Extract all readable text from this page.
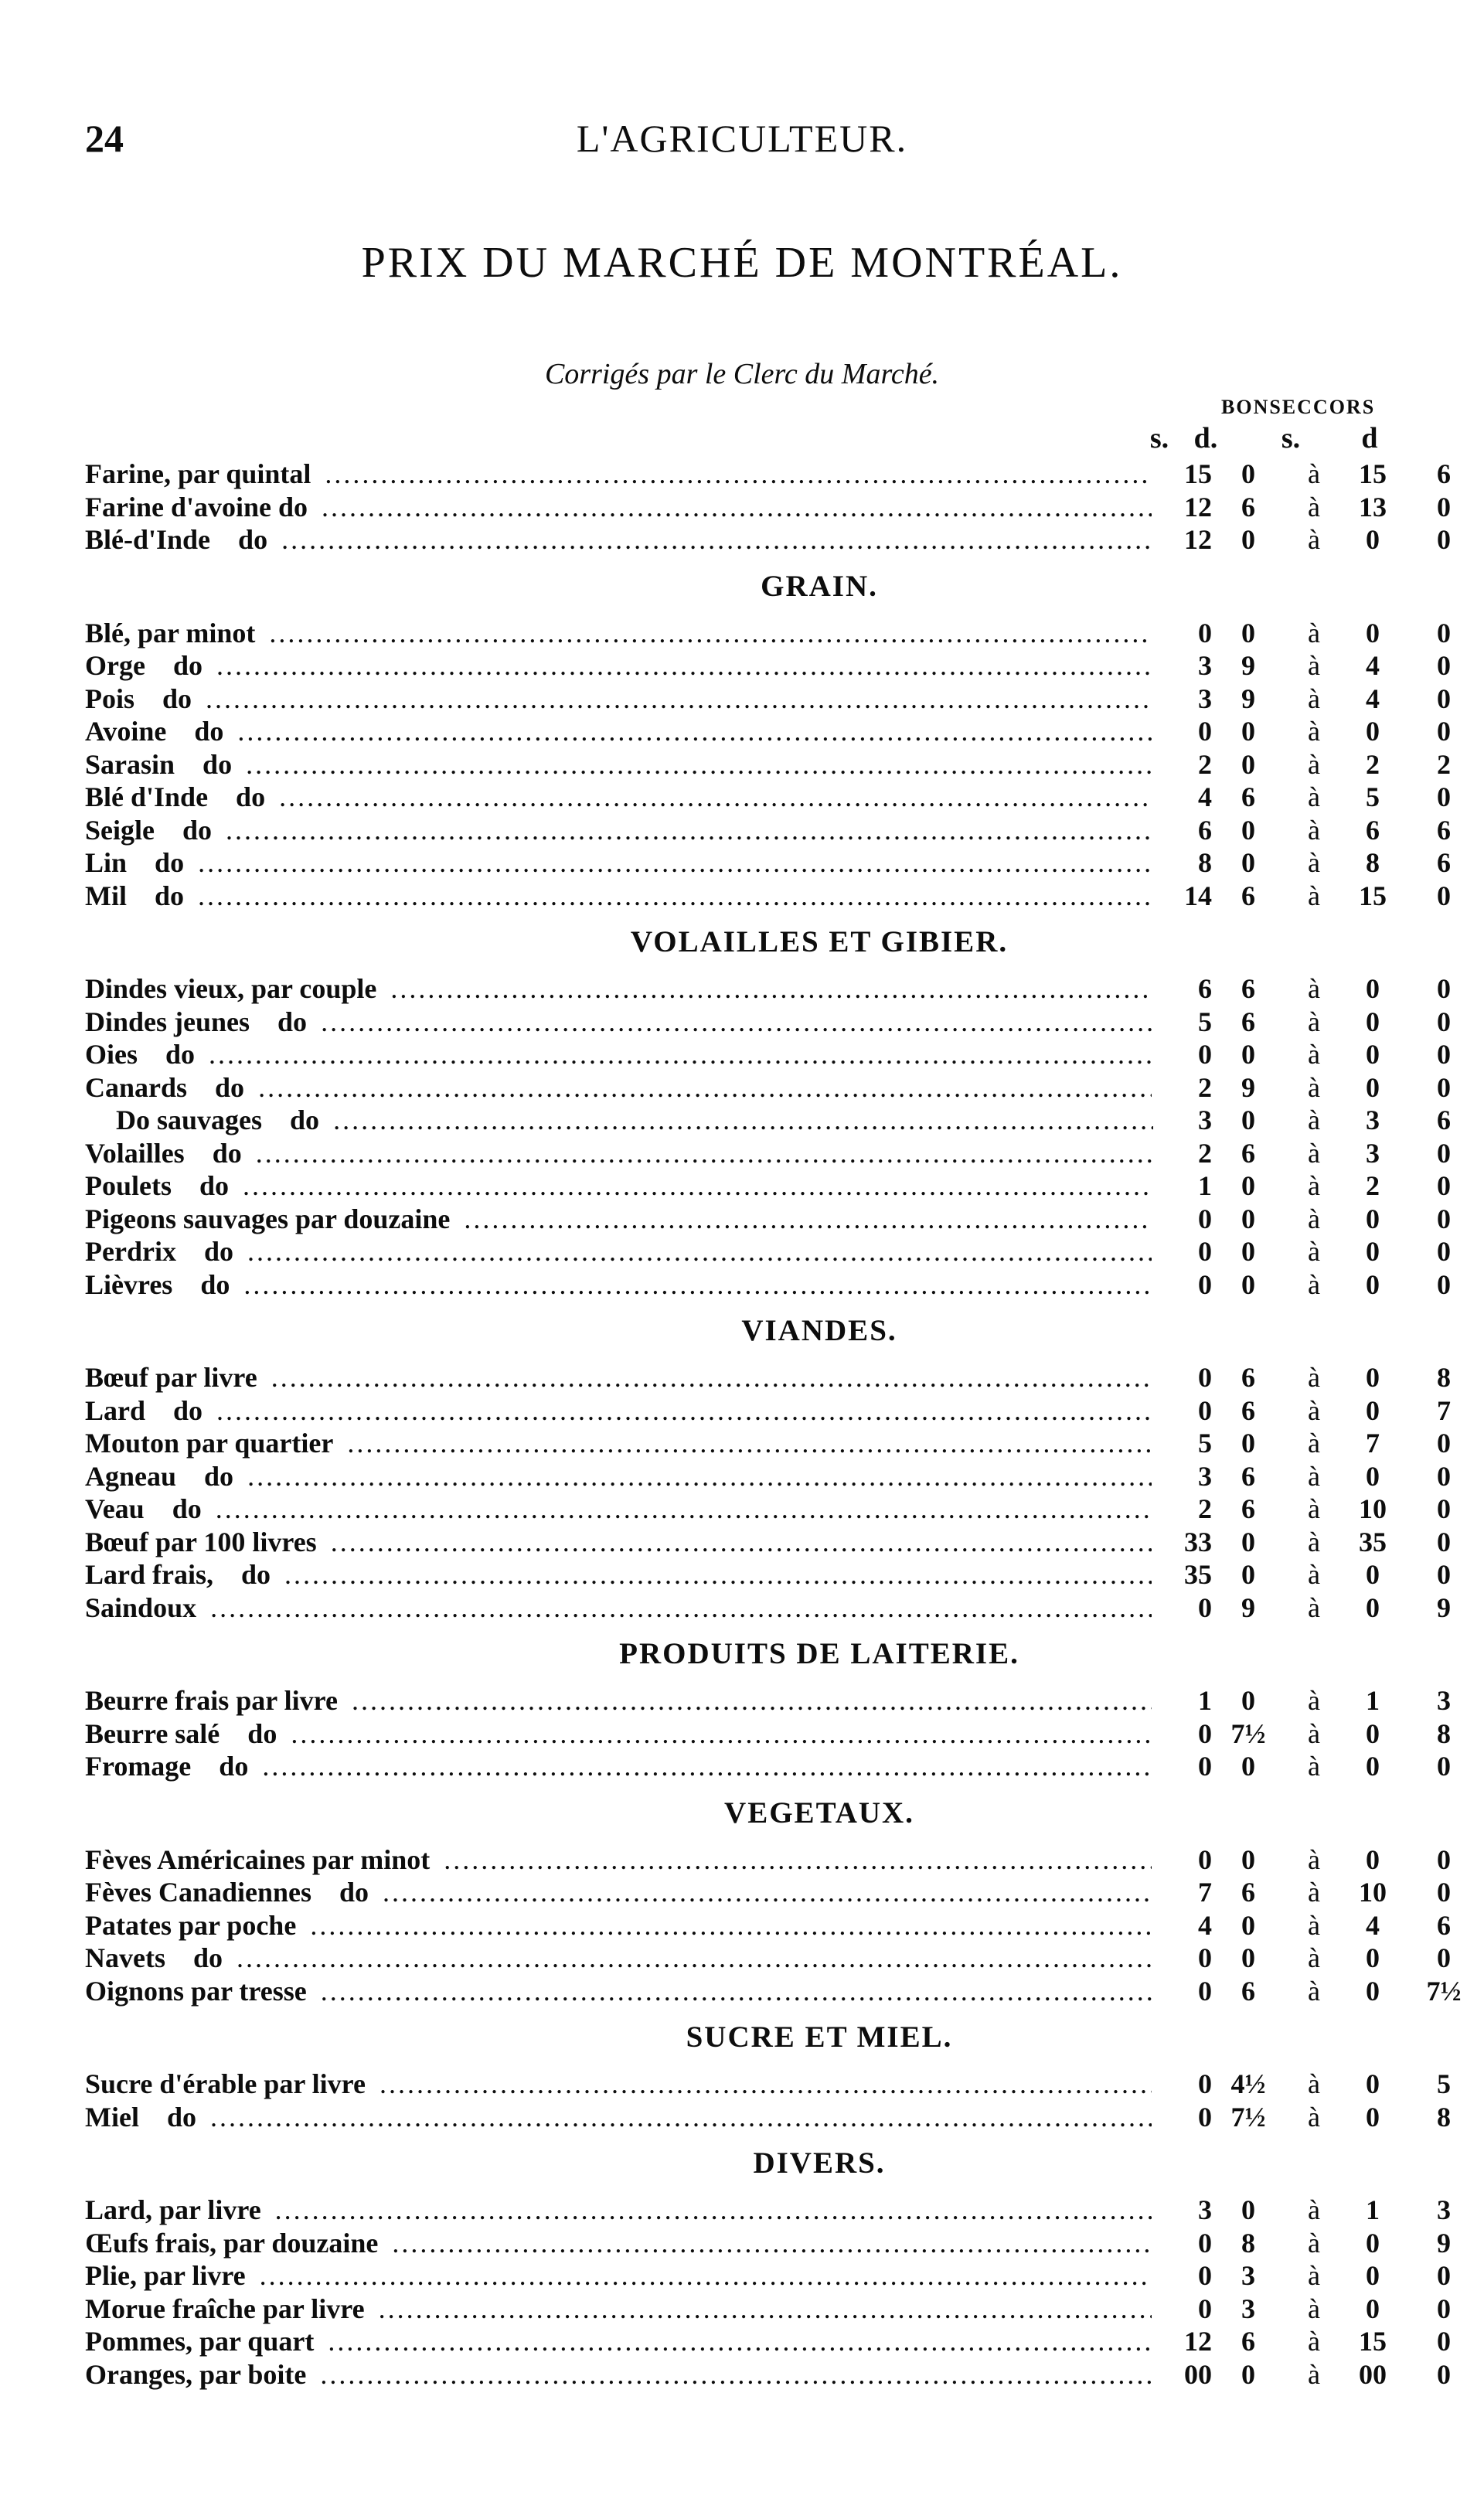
24	L'AGRICULTEUR.
PRIX DU MARCHÉ DE MONTRÉAL.
Corrigés par le Clerc du Marché.
BONSECCORS
s. d.	s.	d
Farine, par quintal .....	15	0	à	15	6
Farine d'avoine do .....	12	6	à	13	0
Blé-d'Inde do .....	12	0	à	0	0
GRAIN.
Blé, par minot .....	0	0	à	0	0
Orge do .....	3	9	à	4	0
Pois do .....	3	9	à	4	0
Avoine do .....	0	0	à	0	0
Sarasin do .....	2	0	à	2	2
Blé d'Inde do .....	4	6	à	5	0
Seigle do .....	6	0	à	6	6
Lin do .....	8	0	à	8	6
Mil do .....	14	6	à	15	0
VOLAILLES ET GIBIER.
Dindes vieux, par couple .....	6	6	à	0	0
Dindes jeunes do .....	5	6	à	0	0
Oies do .....	0	0	à	0	0
Canards do .....	2	9	à	0	0
Do sauvages do .....	3	0	à	3	6
Volailles do .....	2	6	à	3	0
Poulets do .....	1	0	à	2	0
Pigeons sauvages par douzaine .....	0	0	à	0	0
Perdrix do .....	0	0	à	0	0
Lièvres do .....	0	0	à	0	0
VIANDES.
Bœuf par livre .....	0	6	à	0	8
Lard do .....	0	6	à	0	7
Mouton par quartier .....	5	0	à	7	0
Agneau do .....	3	6	à	0	0
Veau do .....	2	6	à	10	0
Bœuf par 100 livres .....	33	0	à	35	0
Lard frais, do .....	35	0	à	0	0
Saindoux .....	0	9	à	0	9
PRODUITS DE LAITERIE.
Beurre frais par livre .....	1	0	à	1	3
Beurre salé do .....	0 7½	à	0	8
Fromage do .....	0	0	à	0	0
VEGETAUX.
Fèves Américaines par minot .....	0	0	à	0	0
Fèves Canadiennes do .....	7	6	à	10	0
Patates par poche .....	4	0	à	4	6
Navets do .....	0	0	à	0	0
Oignons par tresse .....	0	6	à	0	7½
SUCRE ET MIEL.
Sucre d'érable par livre .....	0 4½	à	0	5
Miel do .....	0 7½	à	0	8
DIVERS.
Lard, par livre .....	3	0	à	1	3
Œufs frais, par douzaine .....	0	8	à	0	9
Plie, par livre .....	0	3	à	0	0
Morue fraîche par livre .....	0	3	à	0	0
Pommes, par quart .....	12	6	à	15	0
Oranges, par boite .....	00	0	à	00	0
